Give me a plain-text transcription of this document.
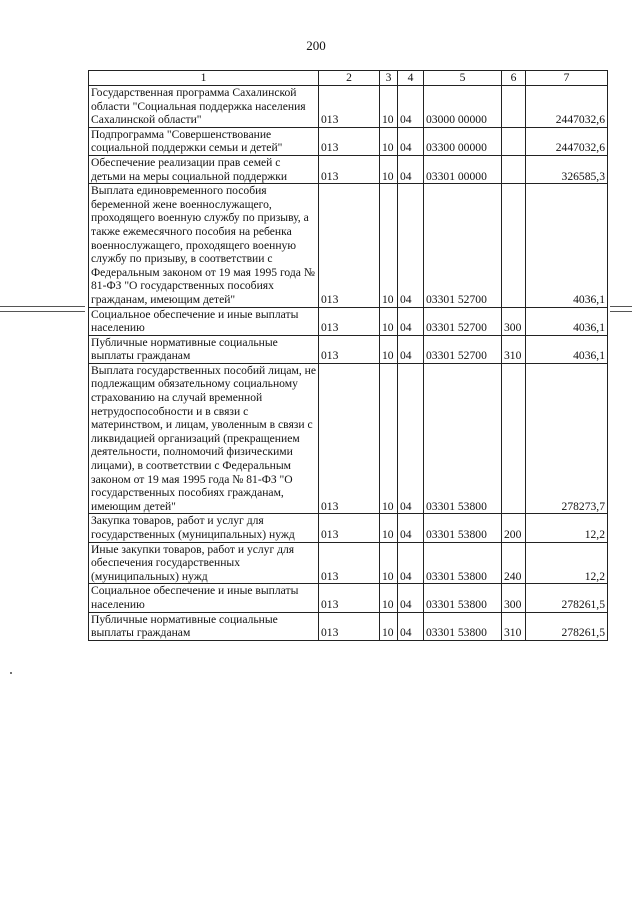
200
1	2	3	4	5	6	7
Государственная программа Сахалинской области "Социальная поддержка населения Сахалинской области"	013	10	04	03000 00000		2447032,6
Подпрограмма "Совершенствование социальной поддержки семьи и детей"	013	10	04	03300 00000		2447032,6
Обеспечение реализации прав семей с детьми на меры социальной поддержки	013	10	04	03301 00000		326585,3
Выплата единовременного пособия беременной жене военнослужащего, проходящего военную службу по призыву, а также ежемесячного пособия на ребенка военнослужащего, проходящего военную службу по призыву, в соответствии с Федеральным законом от 19 мая 1995 года № 81-ФЗ "О государственных пособиях гражданам, имеющим детей"	013	10	04	03301 52700		4036,1
Социальное обеспечение и иные выплаты населению	013	10	04	03301 52700	300	4036,1
Публичные нормативные социальные выплаты гражданам	013	10	04	03301 52700	310	4036,1
Выплата государственных пособий лицам, не подлежащим обязательному социальному страхованию на случай временной нетрудоспособности и в связи с материнством, и лицам, уволенным в связи с ликвидацией организаций (прекращением деятельности, полномочий физическими лицами), в соответствии с Федеральным законом от 19 мая 1995 года № 81-ФЗ "О государственных пособиях гражданам, имеющим детей"	013	10	04	03301 53800		278273,7
Закупка товаров, работ и услуг для государственных (муниципальных) нужд	013	10	04	03301 53800	200	12,2
Иные закупки товаров, работ и услуг для обеспечения государственных (муниципальных) нужд	013	10	04	03301 53800	240	12,2
Социальное обеспечение и иные выплаты населению	013	10	04	03301 53800	300	278261,5
Публичные нормативные социальные выплаты гражданам	013	10	04	03301 53800	310	278261,5
